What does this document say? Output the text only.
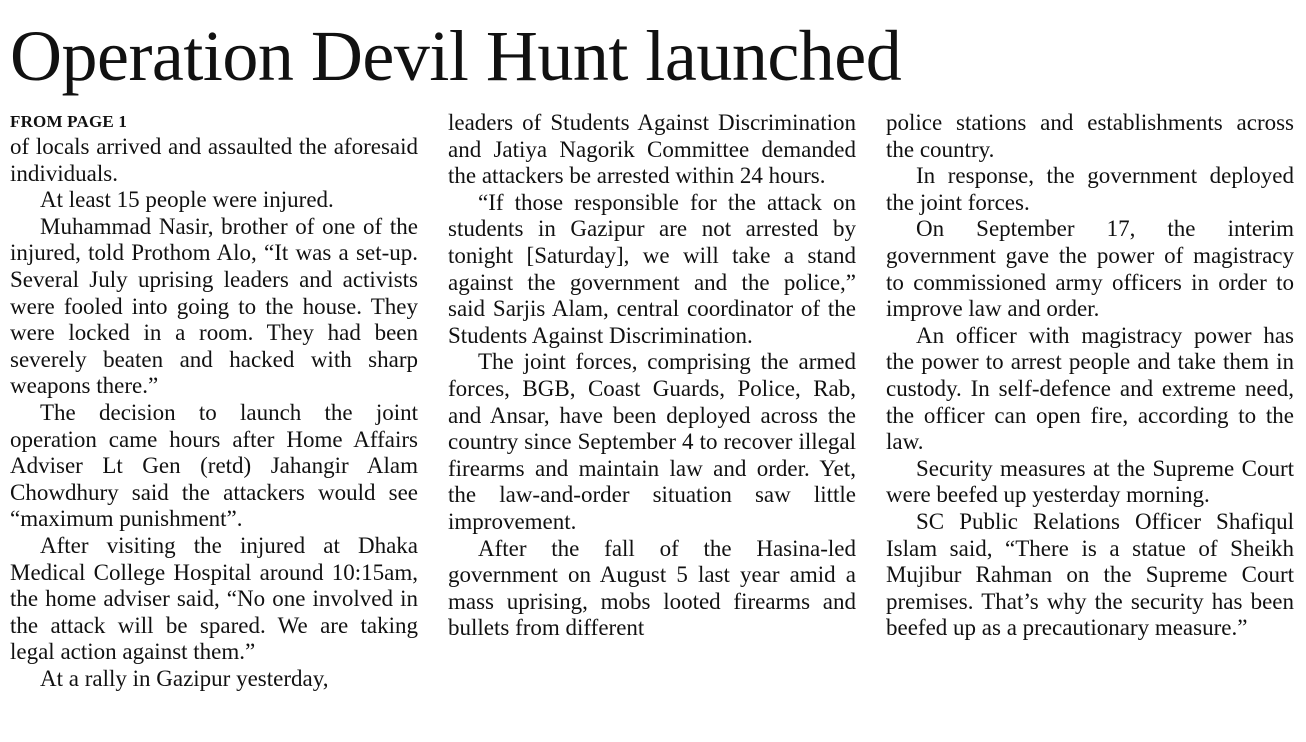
Operation Devil Hunt launched
FROM PAGE 1

of locals arrived and assaulted the aforesaid individuals.

At least 15 people were injured.

Muhammad Nasir, brother of one of the injured, told Prothom Alo, “It was a set-up. Several July uprising leaders and activists were fooled into going to the house. They were locked in a room. They had been severely beaten and hacked with sharp weapons there.”

The decision to launch the joint operation came hours after Home Affairs Adviser Lt Gen (retd) Jahangir Alam Chowdhury said the attackers would see “maximum punishment”.

After visiting the injured at Dhaka Medical College Hospital around 10:15am, the home adviser said, “No one involved in the attack will be spared. We are taking legal action against them.”

At a rally in Gazipur yesterday,

leaders of Students Against Discrimination and Jatiya Nagorik Committee demanded the attackers be arrested within 24 hours.

“If those responsible for the attack on students in Gazipur are not arrested by tonight [Saturday], we will take a stand against the government and the police,” said Sarjis Alam, central coordinator of the Students Against Discrimination.

The joint forces, comprising the armed forces, BGB, Coast Guards, Police, Rab, and Ansar, have been deployed across the country since September 4 to recover illegal firearms and maintain law and order. Yet, the law-and-order situation saw little improvement.

After the fall of the Hasina-led government on August 5 last year amid a mass uprising, mobs looted firearms and bullets from different

police stations and establishments across the country.

In response, the government deployed the joint forces.

On September 17, the interim government gave the power of magistracy to commissioned army officers in order to improve law and order.

An officer with magistracy power has the power to arrest people and take them in custody. In self-defence and extreme need, the officer can open fire, according to the law.

Security measures at the Supreme Court were beefed up yesterday morning.

SC Public Relations Officer Shafiqul Islam said, “There is a statue of Sheikh Mujibur Rahman on the Supreme Court premises. That’s why the security has been beefed up as a precautionary measure.”
